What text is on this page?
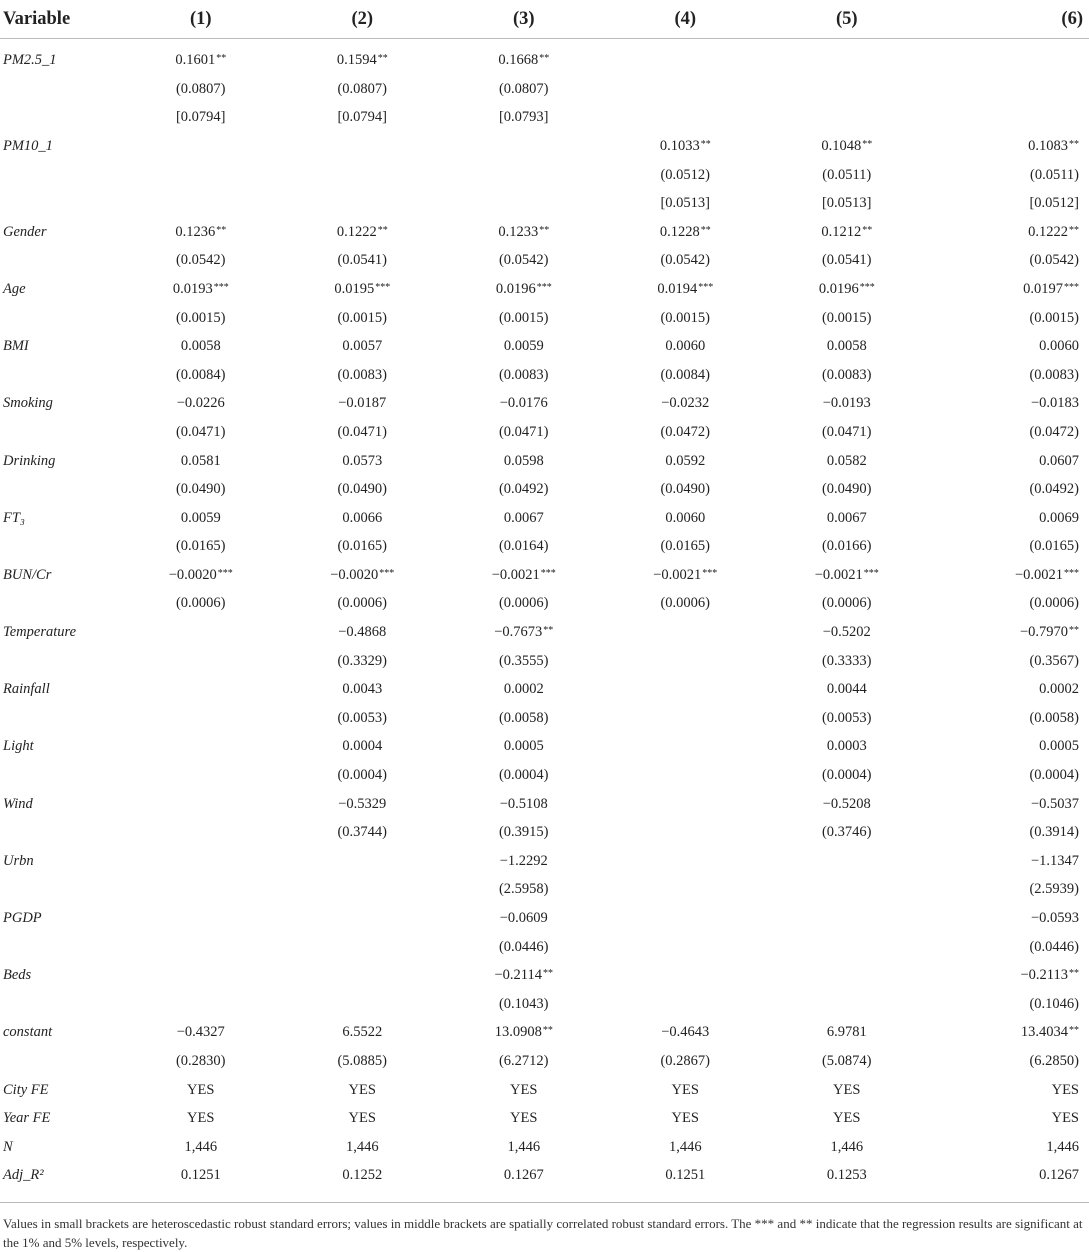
Variable	(1)	(2)	(3)	(4)	(5)	(6)
PM2.5_1	0.1601**	0.1594**	0.1668**			
	(0.0807)	(0.0807)	(0.0807)			
	[0.0794]	[0.0794]	[0.0793]			
PM10_1				0.1033**	0.1048**	0.1083**
				(0.0512)	(0.0511)	(0.0511)
				[0.0513]	[0.0513]	[0.0512]
Gender	0.1236**	0.1222**	0.1233**	0.1228**	0.1212**	0.1222**
	(0.0542)	(0.0541)	(0.0542)	(0.0542)	(0.0541)	(0.0542)
Age	0.0193***	0.0195***	0.0196***	0.0194***	0.0196***	0.0197***
	(0.0015)	(0.0015)	(0.0015)	(0.0015)	(0.0015)	(0.0015)
BMI	0.0058	0.0057	0.0059	0.0060	0.0058	0.0060
	(0.0084)	(0.0083)	(0.0083)	(0.0084)	(0.0083)	(0.0083)
Smoking	−0.0226	−0.0187	−0.0176	−0.0232	−0.0193	−0.0183
	(0.0471)	(0.0471)	(0.0471)	(0.0472)	(0.0471)	(0.0472)
Drinking	0.0581	0.0573	0.0598	0.0592	0.0582	0.0607
	(0.0490)	(0.0490)	(0.0492)	(0.0490)	(0.0490)	(0.0492)
FT₃	0.0059	0.0066	0.0067	0.0060	0.0067	0.0069
	(0.0165)	(0.0165)	(0.0164)	(0.0165)	(0.0166)	(0.0165)
BUN/Cr	−0.0020***	−0.0020***	−0.0021***	−0.0021***	−0.0021***	−0.0021***
	(0.0006)	(0.0006)	(0.0006)	(0.0006)	(0.0006)	(0.0006)
Temperature		−0.4868	−0.7673**		−0.5202	−0.7970**
		(0.3329)	(0.3555)		(0.3333)	(0.3567)
Rainfall		0.0043	0.0002		0.0044	0.0002
		(0.0053)	(0.0058)		(0.0053)	(0.0058)
Light		0.0004	0.0005		0.0003	0.0005
		(0.0004)	(0.0004)		(0.0004)	(0.0004)
Wind		−0.5329	−0.5108		−0.5208	−0.5037
		(0.3744)	(0.3915)		(0.3746)	(0.3914)
Urbn			−1.2292			−1.1347
			(2.5958)			(2.5939)
PGDP			−0.0609			−0.0593
			(0.0446)			(0.0446)
Beds			−0.2114**			−0.2113**
			(0.1043)			(0.1046)
constant	−0.4327	6.5522	13.0908**	−0.4643	6.9781	13.4034**
	(0.2830)	(5.0885)	(6.2712)	(0.2867)	(5.0874)	(6.2850)
City FE	YES	YES	YES	YES	YES	YES
Year FE	YES	YES	YES	YES	YES	YES
N	1,446	1,446	1,446	1,446	1,446	1,446
Adj_R²	0.1251	0.1252	0.1267	0.1251	0.1253	0.1267
Values in small brackets are heteroscedastic robust standard errors; values in middle brackets are spatially correlated robust standard errors. The *** and ** indicate that the regression results are significant at the 1% and 5% levels, respectively.
